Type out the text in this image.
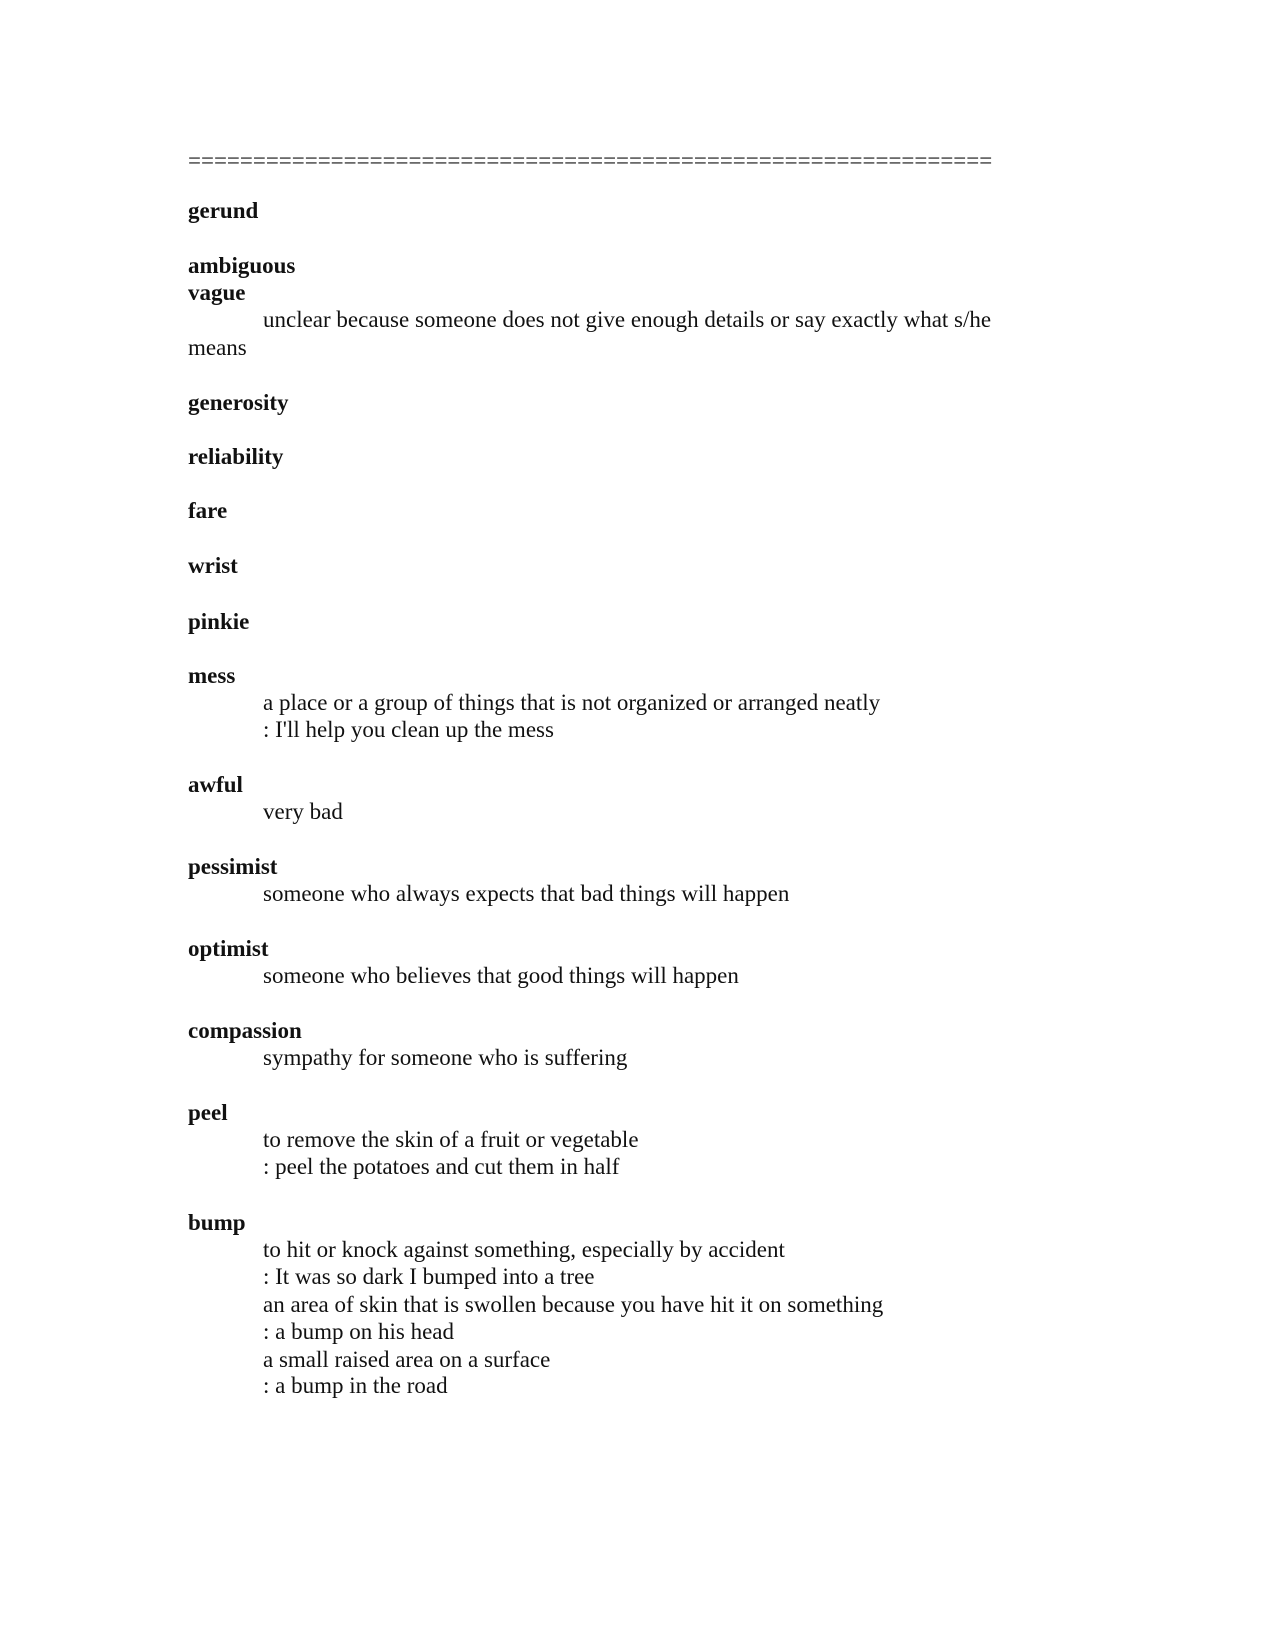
==============================================================
gerund
ambiguous
vague
unclear because someone does not give enough details or say exactly what s/he
means
generosity
reliability
fare
wrist
pinkie
mess
a place or a group of things that is not organized or arranged neatly
: I'll help you clean up the mess
awful
very bad
pessimist
someone who always expects that bad things will happen
optimist
someone who believes that good things will happen
compassion
sympathy for someone who is suffering
peel
to remove the skin of a fruit or vegetable
: peel the potatoes and cut them in half
bump
to hit or knock against something, especially by accident
: It was so dark I bumped into a tree
an area of skin that is swollen because you have hit it on something
: a bump on his head
a small raised area on a surface
: a bump in the road
